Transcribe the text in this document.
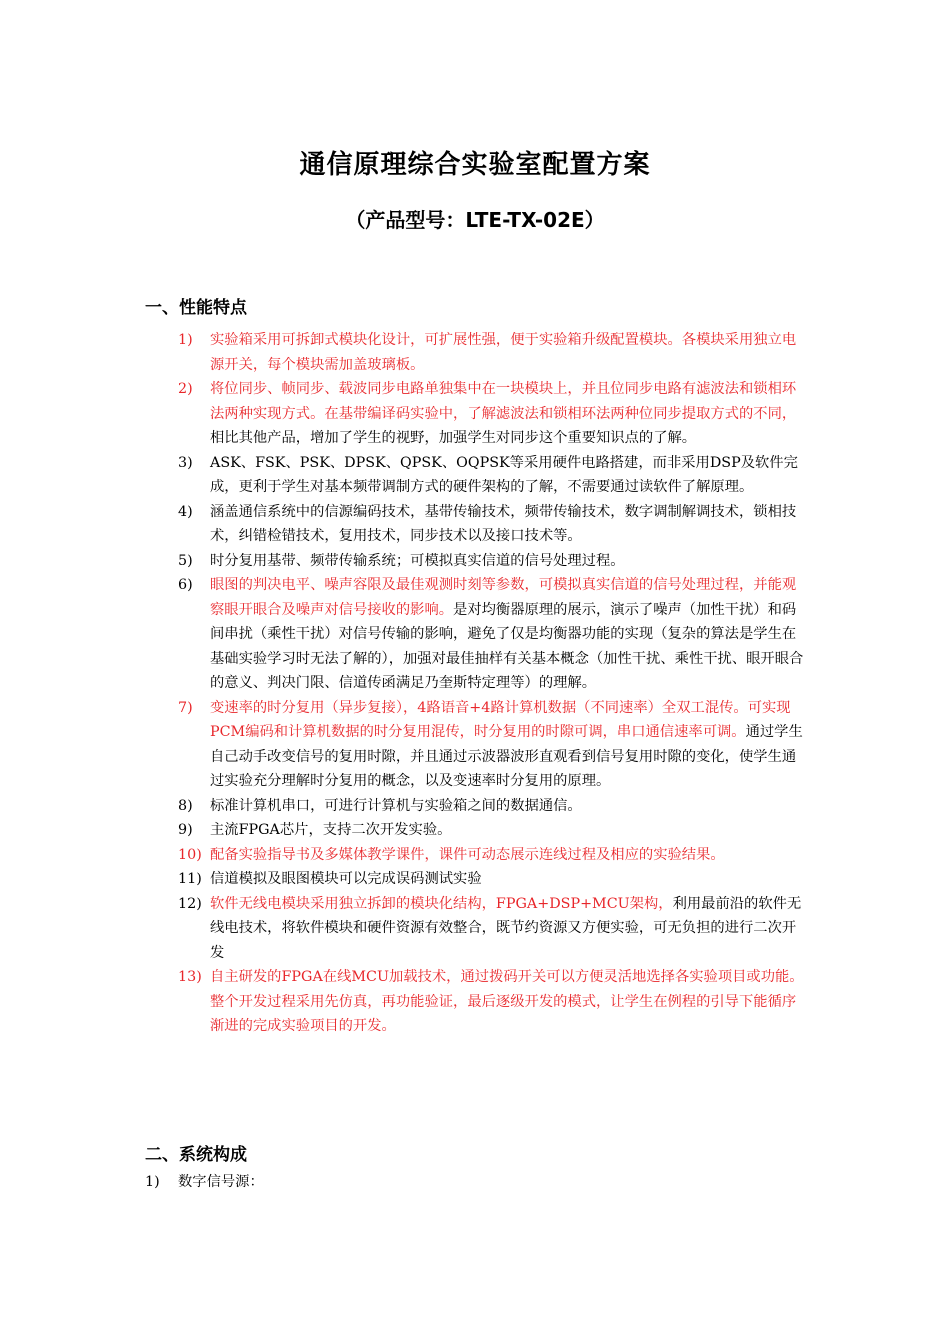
通信原理综合实验室配置方案
（产品型号：LTE-TX-02E）
一、性能特点
1) 实验箱采用可拆卸式模块化设计，可扩展性强，便于实验箱升级配置模块。各模块采用独立电源开关，每个模块需加盖玻璃板。
2) 将位同步、帧同步、载波同步电路单独集中在一块模块上，并且位同步电路有滤波法和锁相环法两种实现方式。在基带编译码实验中，了解滤波法和锁相环法两种位同步提取方式的不同，相比其他产品，增加了学生的视野，加强学生对同步这个重要知识点的了解。
3) ASK、FSK、PSK、DPSK、QPSK、OQPSK等采用硬件电路搭建，而非采用DSP及软件完成，更利于学生对基本频带调制方式的硬件架构的了解，不需要通过读软件了解原理。
4) 涵盖通信系统中的信源编码技术，基带传输技术，频带传输技术，数字调制解调技术，锁相技术，纠错检错技术，复用技术，同步技术以及接口技术等。
5) 时分复用基带、频带传输系统；可模拟真实信道的信号处理过程。
6) 眼图的判决电平、噪声容限及最佳观测时刻等参数，可模拟真实信道的信号处理过程，并能观察眼开眼合及噪声对信号接收的影响。是对均衡器原理的展示，演示了噪声（加性干扰）和码间串扰（乘性干扰）对信号传输的影响，避免了仅是均衡器功能的实现（复杂的算法是学生在基础实验学习时无法了解的），加强对最佳抽样有关基本概念（加性干扰、乘性干扰、眼开眼合的意义、判决门限、信道传函满足乃奎斯特定理等）的理解。
7) 变速率的时分复用（异步复接），4路语音+4路计算机数据（不同速率）全双工混传。可实现PCM编码和计算机数据的时分复用混传，时分复用的时隙可调，串口通信速率可调。通过学生自己动手改变信号的复用时隙，并且通过示波器波形直观看到信号复用时隙的变化，使学生通过实验充分理解时分复用的概念，以及变速率时分复用的原理。
8) 标准计算机串口，可进行计算机与实验箱之间的数据通信。
9) 主流FPGA芯片，支持二次开发实验。
10) 配备实验指导书及多媒体教学课件，课件可动态展示连线过程及相应的实验结果。
11) 信道模拟及眼图模块可以完成误码测试实验
12) 软件无线电模块采用独立拆卸的模块化结构，FPGA+DSP+MCU架构，利用最前沿的软件无线电技术，将软件模块和硬件资源有效整合，既节约资源又方便实验，可无负担的进行二次开发
13) 自主研发的FPGA在线MCU加载技术，通过拨码开关可以方便灵活地选择各实验项目或功能。整个开发过程采用先仿真，再功能验证，最后逐级开发的模式，让学生在例程的引导下能循序渐进的完成实验项目的开发。
二、系统构成
1) 数字信号源：
